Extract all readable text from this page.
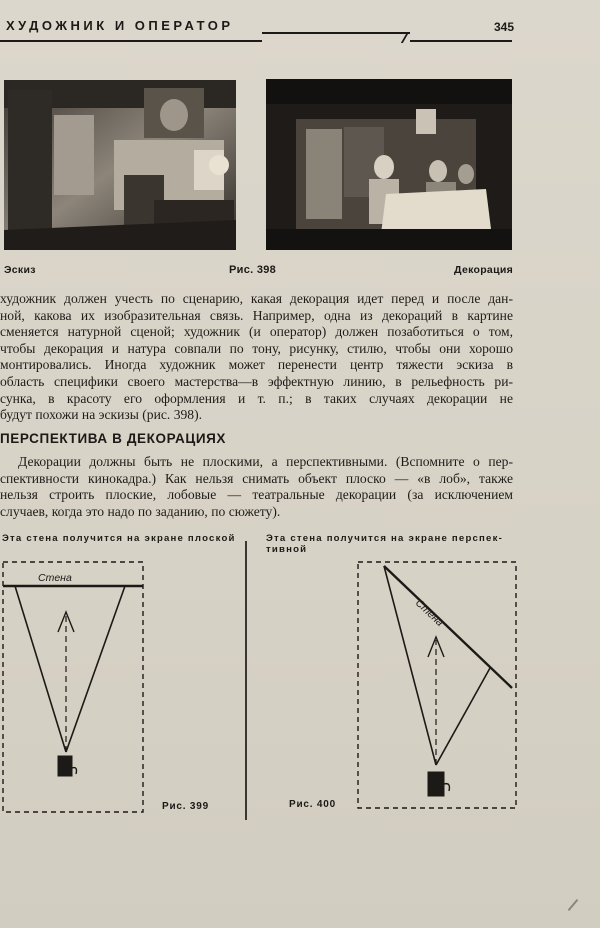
ХУДОЖНИК И ОПЕРАТОР	345
Эскиз	Рис. 398	Декорация
художник должен учесть по сценарию, какая декорация идет перед и после дан-
ной, какова их изобразительная связь. Например, одна из декораций в картине
сменяется натурной сценой; художник (и оператор) должен позаботиться о том,
чтобы декорация и натура совпали по тону, рисунку, стилю, чтобы они хорошо
монтировались. Иногда художник может перенести центр тяжести эскиза в
область специфики своего мастерства—в эффектную линию, в рельефность ри-
сунка, в красоту его оформления и т. п.; в таких случаях декорации не
будут похожи на эскизы (рис. 398).
ПЕРСПЕКТИВА В ДЕКОРАЦИЯХ
Декорации должны быть не плоскими, а перспективными. (Вспомните о пер-
спективности кинокадра.) Как нельзя снимать объект плоско — «в лоб», также
нельзя строить плоские, лобовые — театральные декорации (за исключением
случаев, когда это надо по заданию, по сюжету).
Эта стена получится на экране плоской	Эта стена получится на экране перспек-
тивной
Стена
Стена
Рис. 399	Рис. 400
